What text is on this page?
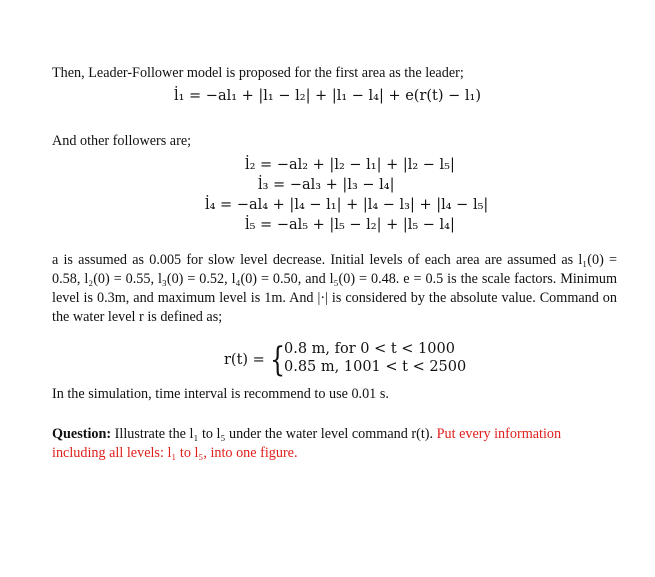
Then, Leader-Follower model is proposed for the first area as the leader;
l̇₁ = −al₁ + |l₁ − l₂| + |l₁ − l₄| + e(r(t) − l₁)
And other followers are;
l̇₂ = −al₂ + |l₂ − l₁| + |l₂ − l₅|
l̇₃ = −al₃ + |l₃ − l₄|
l̇₄ = −al₄ + |l₄ − l₁| + |l₄ − l₃| + |l₄ − l₅|
l̇₅ = −al₅ + |l₅ − l₂| + |l₅ − l₄|
a is assumed as 0.005 for slow level decrease. Initial levels of each area are assumed as l₁(0) = 0.58, l₂(0) = 0.55, l₃(0) = 0.52, l₄(0) = 0.50, and l₅(0) = 0.48. e = 0.5 is the scale factors. Minimum level is 0.3m, and maximum level is 1m. And |·| is considered by the absolute value. Command on the water level r is defined as;
r(t) = {
0.8 m, for 0 < t < 1000
0.85 m, 1001 < t < 2500
In the simulation, time interval is recommend to use 0.01 s.
Question: Illustrate the l₁ to l₅ under the water level command r(t). Put every information including all levels: l₁ to l₅, into one figure.
